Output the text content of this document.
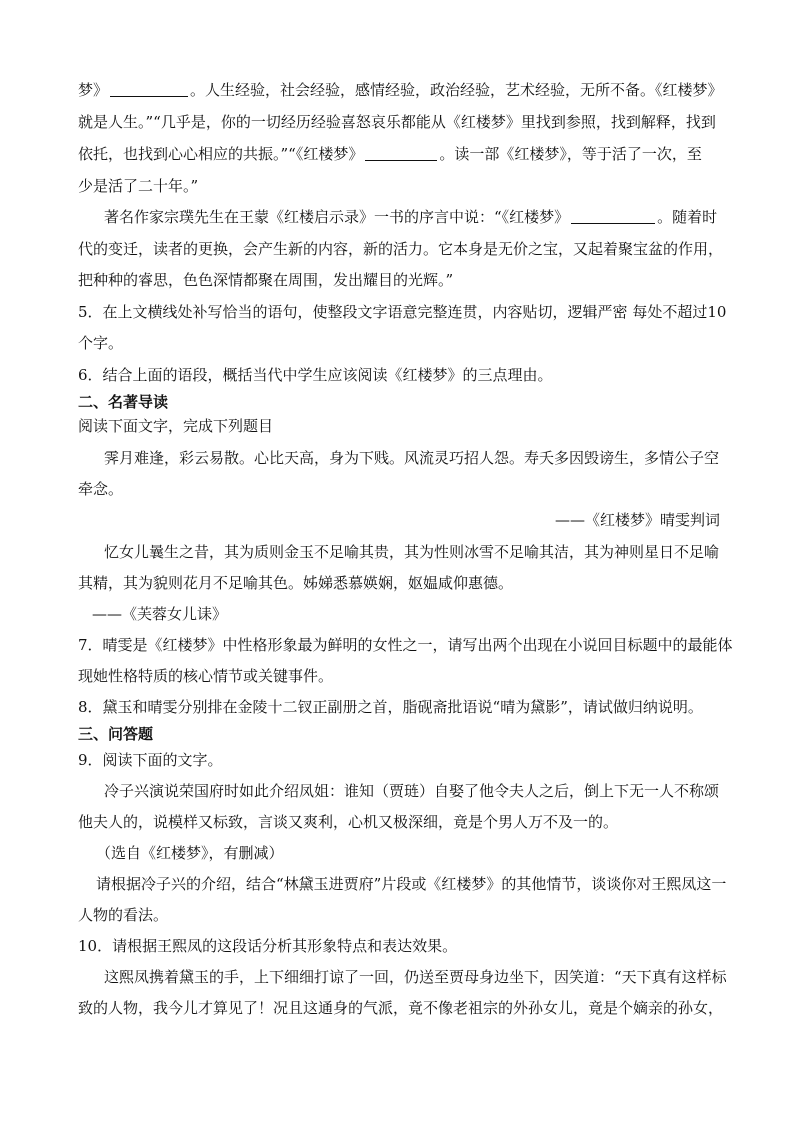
梦》	。人生经验，社会经验，感情经验，政治经验，艺术经验，无所不备。《红楼梦》
就是人生。”“几乎是，你的一切经历经验喜怒哀乐都能从《红楼梦》里找到参照，找到解释，找到
依托，也找到心心相应的共振。”“《红楼梦》	。读一部《红楼梦》，等于活了一次，至
少是活了二十年。”
著名作家宗璞先生在王蒙《红楼启示录》一书的序言中说：“《红楼梦》	。随着时
代的变迁，读者的更换，会产生新的内容，新的活力。它本身是无价之宝，又起着聚宝盆的作用，
把种种的睿思，色色深情都聚在周围，发出耀目的光辉。”
5．在上文横线处补写恰当的语句，使整段文字语意完整连贯，内容贴切，逻辑严密 每处不超过10
个字。
6．结合上面的语段，概括当代中学生应该阅读《红楼梦》的三点理由。
二、名著导读
阅读下面文字，完成下列题目
霁月难逢，彩云易散。心比天高，身为下贱。风流灵巧招人怨。寿夭多因毁谤生，多情公子空
牵念。
——《红楼梦》晴雯判词
忆女儿曩生之昔，其为质则金玉不足喻其贵，其为性则冰雪不足喻其洁，其为神则星日不足喻
其精，其为貌则花月不足喻其色。姊娣悉慕媖娴，妪媪咸仰惠德。
——《芙蓉女儿诔》
7．晴雯是《红楼梦》中性格形象最为鲜明的女性之一，请写出两个出现在小说回目标题中的最能体
现她性格特质的核心情节或关键事件。
8．黛玉和晴雯分别排在金陵十二钗正副册之首，脂砚斋批语说“晴为黛影”，请试做归纳说明。
三、问答题
9．阅读下面的文字。
冷子兴演说荣国府时如此介绍凤姐：谁知（贾琏）自娶了他令夫人之后，倒上下无一人不称颂
他夫人的，说模样又标致，言谈又爽利，心机又极深细，竟是个男人万不及一的。
（选自《红楼梦》，有删减）
请根据冷子兴的介绍，结合“林黛玉进贾府”片段或《红楼梦》的其他情节，谈谈你对王熙凤这一
人物的看法。
10．请根据王熙凤的这段话分析其形象特点和表达效果。
这熙凤携着黛玉的手，上下细细打谅了一回，仍送至贾母身边坐下，因笑道：“天下真有这样标
致的人物，我今儿才算见了！况且这通身的气派，竟不像老祖宗的外孙女儿，竟是个嫡亲的孙女，
